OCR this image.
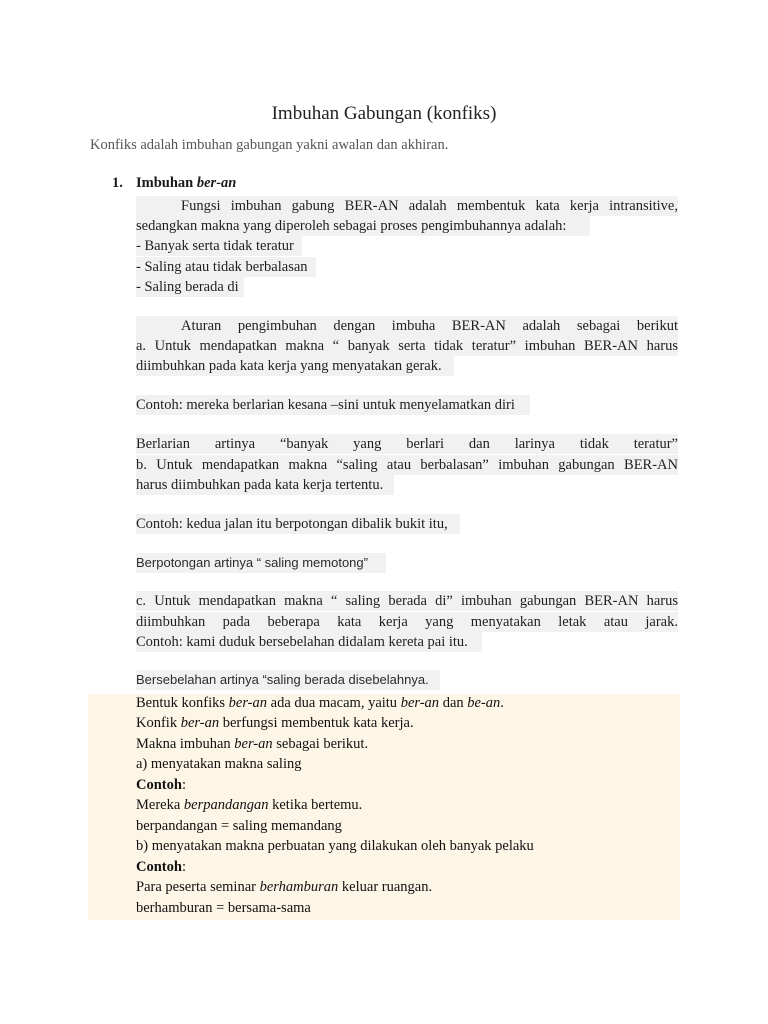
Imbuhan Gabungan (konfiks)
Konfiks adalah imbuhan gabungan yakni awalan dan akhiran.
1. Imbuhan ber-an
Fungsi imbuhan gabung BER-AN adalah membentuk kata kerja intransitive,
sedangkan makna yang diperoleh sebagai proses pengimbuhannya adalah:
- Banyak serta tidak teratur
- Saling atau tidak berbalasan
- Saling berada di
Aturan pengimbuhan dengan imbuha BER-AN adalah sebagai berikut
a. Untuk mendapatkan makna “ banyak serta tidak teratur” imbuhan BER-AN harus
diimbuhkan pada kata kerja yang menyatakan gerak.
Contoh: mereka berlarian kesana –sini untuk menyelamatkan diri
Berlarian artinya “banyak yang berlari dan larinya tidak teratur”
b. Untuk mendapatkan makna “saling atau berbalasan” imbuhan gabungan BER-AN
harus diimbuhkan pada kata kerja tertentu.
Contoh: kedua jalan itu berpotongan dibalik bukit itu,
Berpotongan artinya “ saling memotong”
c. Untuk mendapatkan makna “ saling berada di” imbuhan gabungan BER-AN harus
diimbuhkan pada beberapa kata kerja yang menyatakan letak atau jarak.
Contoh: kami duduk bersebelahan didalam kereta pai itu.
Bersebelahan artinya “saling berada disebelahnya.
Bentuk konfiks ber-an ada dua macam, yaitu ber-an dan be-an.
Konfik ber-an berfungsi membentuk kata kerja.
Makna imbuhan ber-an sebagai berikut.
a) menyatakan makna saling
Contoh:
Mereka berpandangan ketika bertemu.
berpandangan = saling memandang
b) menyatakan makna perbuatan yang dilakukan oleh banyak pelaku
Contoh:
Para peserta seminar berhamburan keluar ruangan.
berhamburan = bersama-sama
